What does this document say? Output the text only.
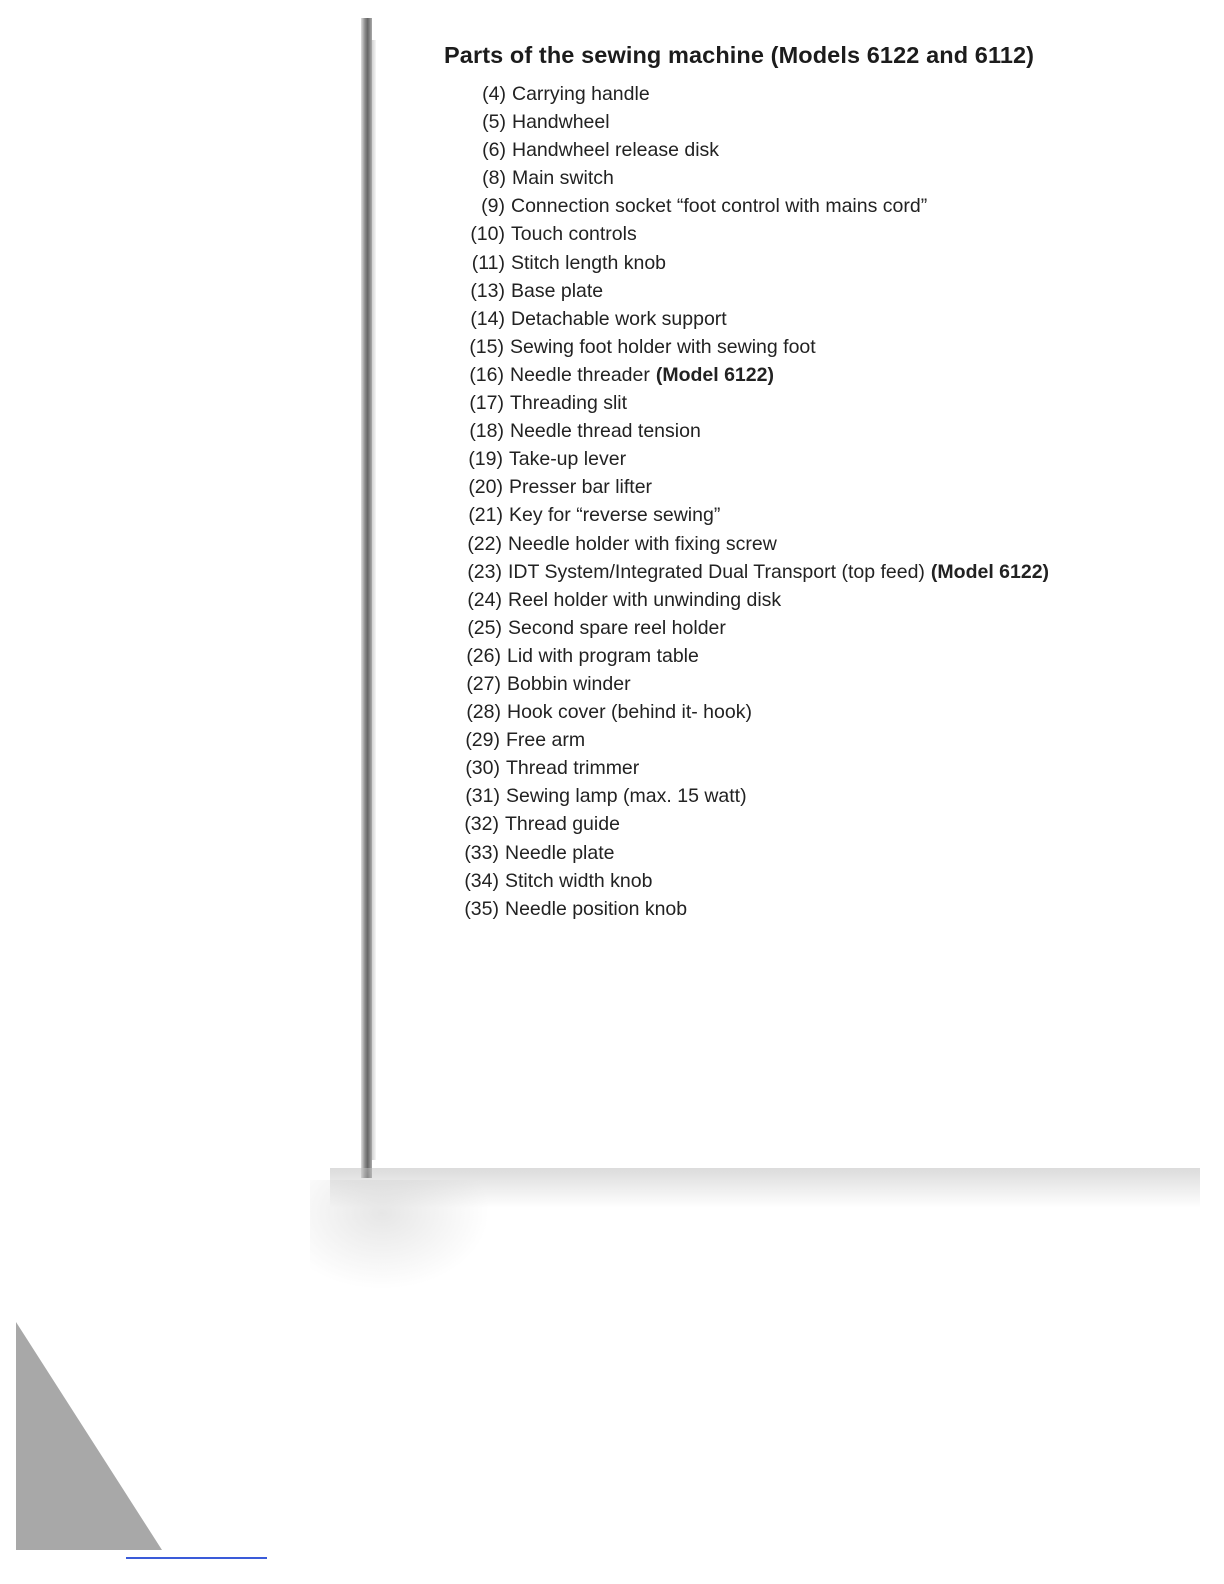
Parts of the sewing machine (Models 6122 and 6112)
(4) Carrying handle
(5) Handwheel
(6) Handwheel release disk
(8) Main switch
(9) Connection socket “foot control with mains cord”
(10) Touch controls
(11) Stitch length knob
(13) Base plate
(14) Detachable work support
(15) Sewing foot holder with sewing foot
(16) Needle threader (Model 6122)
(17) Threading slit
(18) Needle thread tension
(19) Take-up lever
(20) Presser bar lifter
(21) Key for “reverse sewing”
(22) Needle holder with fixing screw
(23) IDT System/Integrated Dual Transport (top feed) (Model 6122)
(24) Reel holder with unwinding disk
(25) Second spare reel holder
(26) Lid with program table
(27) Bobbin winder
(28) Hook cover (behind it- hook)
(29) Free arm
(30) Thread trimmer
(31) Sewing lamp (max. 15 watt)
(32) Thread guide
(33) Needle plate
(34) Stitch width knob
(35) Needle position knob
